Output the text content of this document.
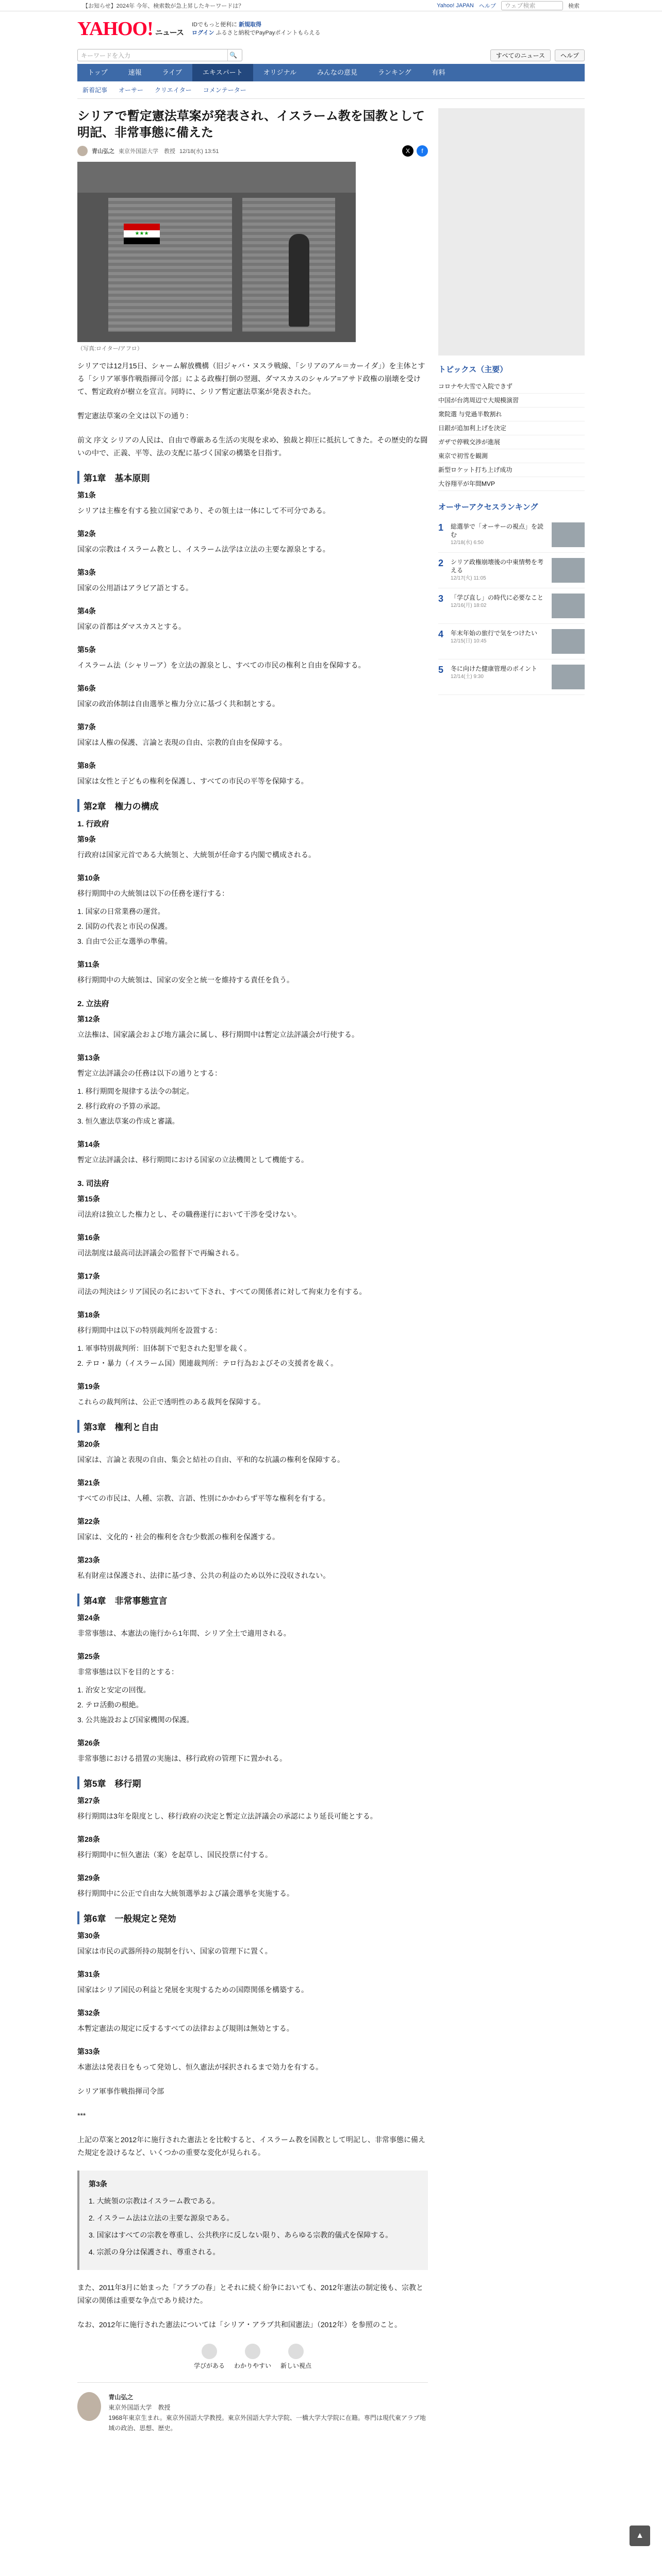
【お知らせ】2024年 今年、検索数が急上昇したキーワードは？	Yahoo! JAPAN ヘルプ	ウェブ検索	検索
YAHOO! ニュース
IDでもっと便利に 新規取得
ログイン ふるさと納税でPayPayポイントもらえる
キーワードを入力	🔍	すべてのニュース	ヘルプ
トップ	速報	ライブ	エキスパート	オリジナル	みんなの意見	ランキング	有料
新着記事 オーサー クリエイター コメンテーター
シリアで暫定憲法草案が発表され、イスラーム教を国教として明記、非常事態に備えた
青山弘之 東京外国語大学　教授 12/18(水) 13:51	X	f
★★★
（写真:ロイター/アフロ）

シリアでは12月15日、シャーム解放機構（旧ジャバ・ヌスラ戦線、「シリアのアル＝カーイダ」）を主体とする「シリア軍事作戦指揮司令部」による政権打倒の翌週、ダマスカスのシャルア=アサド政権の崩壊を受けて、暫定政府が樹立を宣言。同時に、シリア暫定憲法草案が発表された。

暫定憲法草案の全文は以下の通り：

前文 序文 シリアの人民は、自由で尊厳ある生活の実現を求め、独裁と抑圧に抵抗してきた。その歴史的な闘いの中で、正義、平等、法の支配に基づく国家の構築を目指す。

第1章　基本原則
第1条

シリアは主権を有する独立国家であり、その領土は一体にして不可分である。

第2条

国家の宗教はイスラーム教とし、イスラーム法学は立法の主要な源泉とする。

第3条

国家の公用語はアラビア語とする。

第4条

国家の首都はダマスカスとする。

第5条

イスラーム法（シャリーア）を立法の源泉とし、すべての市民の権利と自由を保障する。

第6条

国家の政治体制は自由選挙と権力分立に基づく共和制とする。

第7条

国家は人権の保護、言論と表現の自由、宗教的自由を保障する。

第8条

国家は女性と子どもの権利を保護し、すべての市民の平等を保障する。

第2章　権力の構成
1. 行政府
第9条

行政府は国家元首である大統領と、大統領が任命する内閣で構成される。

第10条

移行期間中の大統領は以下の任務を遂行する：

1. 国家の日常業務の運営。

2. 国防の代表と市民の保護。

3. 自由で公正な選挙の準備。

第11条

移行期間中の大統領は、国家の安全と統一を維持する責任を負う。

2. 立法府
第12条

立法権は、国家議会および地方議会に属し、移行期間中は暫定立法評議会が行使する。

第13条

暫定立法評議会の任務は以下の通りとする：

1. 移行期間を規律する法令の制定。

2. 移行政府の予算の承認。

3. 恒久憲法草案の作成と審議。

第14条

暫定立法評議会は、移行期間における国家の立法機関として機能する。

3. 司法府
第15条

司法府は独立した権力とし、その職務遂行において干渉を受けない。

第16条

司法制度は最高司法評議会の監督下で再編される。

第17条

司法の判決はシリア国民の名において下され、すべての関係者に対して拘束力を有する。

第18条

移行期間中は以下の特別裁判所を設置する：

1. 軍事特別裁判所：旧体制下で犯された犯罪を裁く。

2. テロ・暴力（イスラーム国）関連裁判所：テロ行為およびその支援者を裁く。

第19条

これらの裁判所は、公正で透明性のある裁判を保障する。

第3章　権利と自由
第20条

国家は、言論と表現の自由、集会と結社の自由、平和的な抗議の権利を保障する。

第21条

すべての市民は、人種、宗教、言語、性別にかかわらず平等な権利を有する。

第22条

国家は、文化的・社会的権利を含む少数派の権利を保護する。

第23条

私有財産は保護され、法律に基づき、公共の利益のため以外に没収されない。

第4章　非常事態宣言
第24条

非常事態は、本憲法の施行から1年間、シリア全土で適用される。

第25条

非常事態は以下を目的とする：

1. 治安と安定の回復。

2. テロ活動の根絶。

3. 公共施設および国家機関の保護。

第26条

非常事態における措置の実施は、移行政府の管理下に置かれる。

第5章　移行期
第27条

移行期間は3年を限度とし、移行政府の決定と暫定立法評議会の承認により延長可能とする。

第28条

移行期間中に恒久憲法（案）を起草し、国民投票に付する。

第29条

移行期間中に公正で自由な大統領選挙および議会選挙を実施する。

第6章　一般規定と発効
第30条

国家は市民の武器所持の規制を行い、国家の管理下に置く。

第31条

国家はシリア国民の利益と発展を実現するための国際関係を構築する。

第32条

本暫定憲法の規定に反するすべての法律および規則は無効とする。

第33条

本憲法は発表日をもって発効し、恒久憲法が採択されるまで効力を有する。

シリア軍事作戦指揮司令部

***

上記の草案と2012年に施行された憲法とを比較すると、イスラーム教を国教として明記し、非常事態に備えた規定を設けるなど、いくつかの重要な変化が見られる。

第3条

1. 大統領の宗教はイスラーム教である。

2. イスラーム法は立法の主要な源泉である。

3. 国家はすべての宗教を尊重し、公共秩序に反しない限り、あらゆる宗教的儀式を保障する。

4. 宗派の身分は保護され、尊重される。

また、2011年3月に始まった「アラブの春」とそれに続く紛争においても、2012年憲法の制定後も、宗教と国家の関係は重要な争点であり続けた。

なお、2012年に施行された憲法については「シリア・アラブ共和国憲法」（2012年）を参照のこと。

学びがある わかりやすい 新しい視点
青山弘之
東京外国語大学　教授
1968年東京生まれ。東京外国語大学教授。東京外国語大学大学院、一橋大学大学院に在籍。専門は現代東アラブ地域の政治、思想、歴史。
トピックス（主要）
コロナや大雪で入院できず
中国が台湾周辺で大規模演習
衆院選 与党過半数割れ
日銀が追加利上げを決定
ガザで停戦交渉が進展
東京で初雪を観測
新型ロケット打ち上げ成功
大谷翔平が年間MVP
オーサーアクセスランキング
1	総選挙で「オーサーの視点」を読む
12/18(水) 6:50
2	シリア政権崩壊後の中東情勢を考える
12/17(火) 11:05
3	「学び直し」の時代に必要なこと
12/16(月) 18:02
4	年末年始の旅行で気をつけたい
12/15(日) 10:45
5	冬に向けた健康管理のポイント
12/14(土) 9:30
▲
